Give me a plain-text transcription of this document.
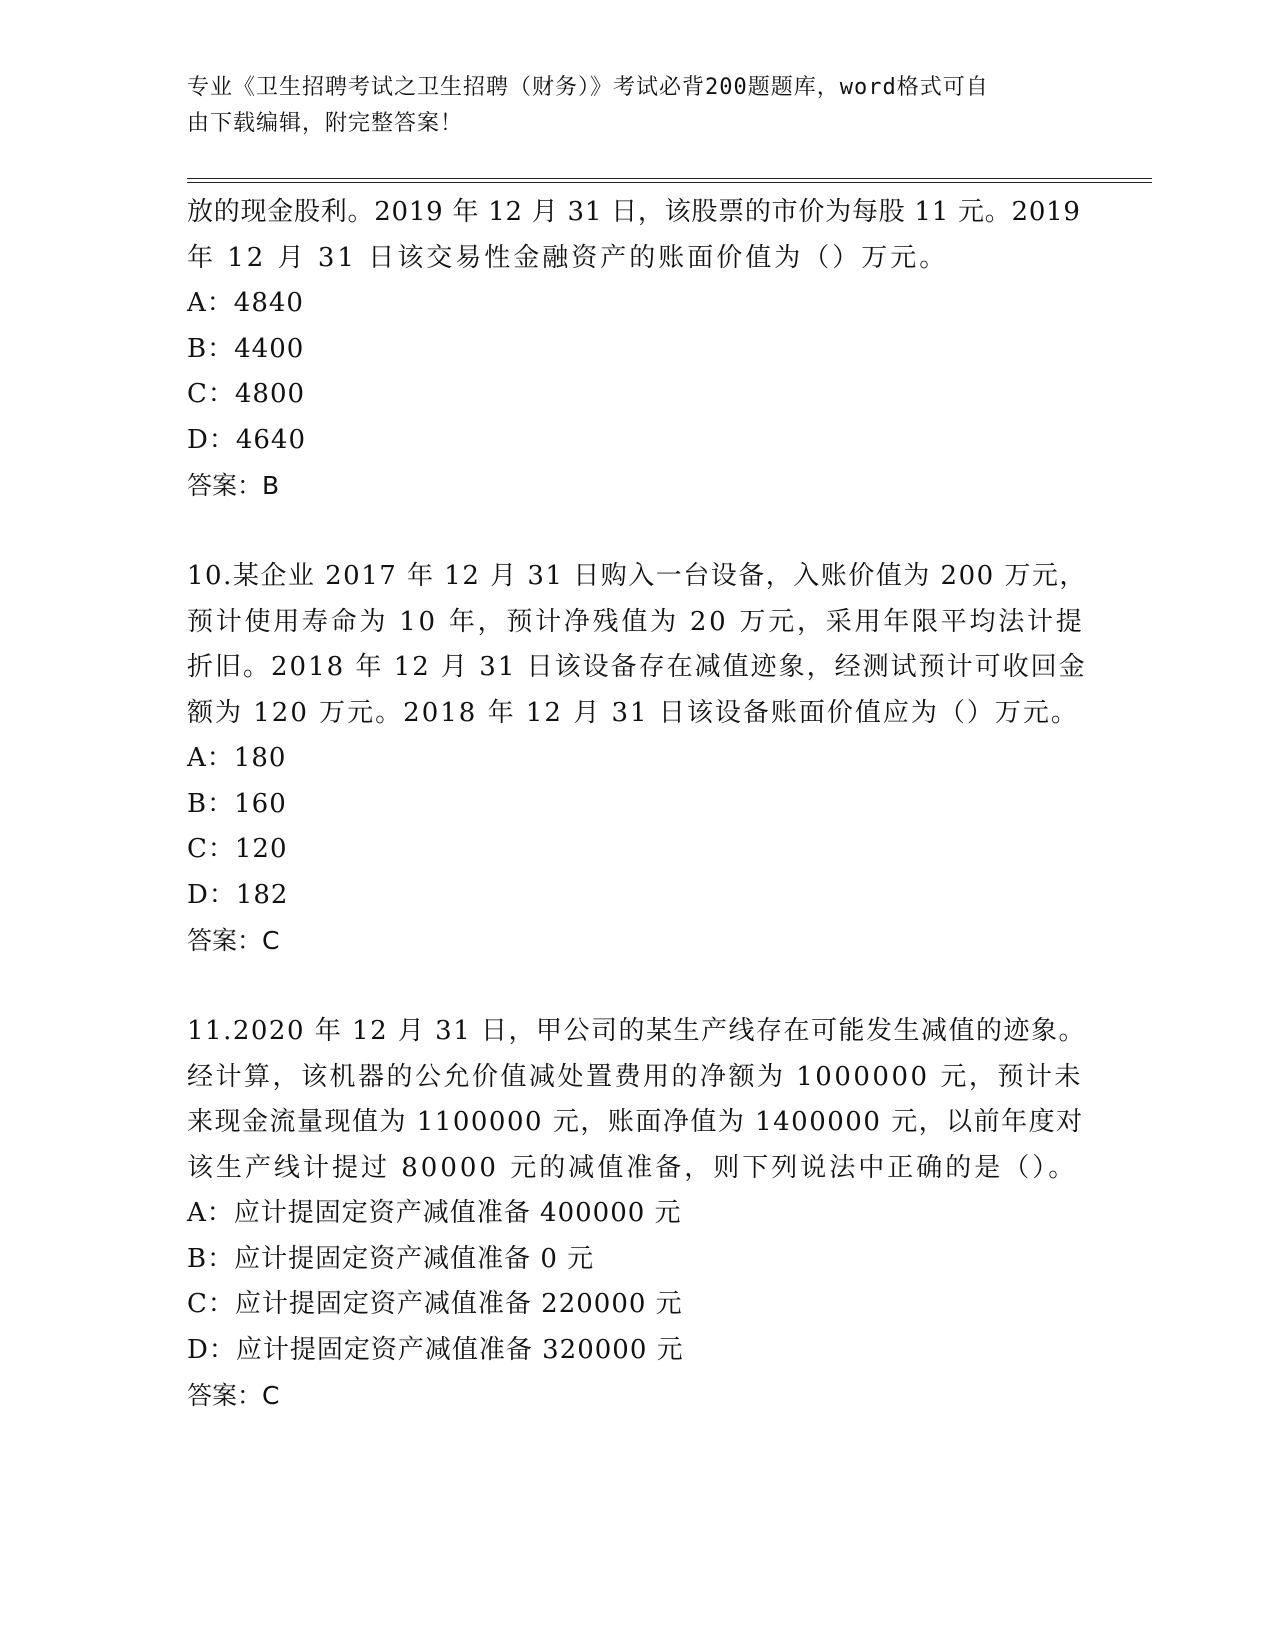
专业《卫生招聘考试之卫生招聘（财务）》考试必背200题题库，word格式可自
由下载编辑，附完整答案！
放的现金股利。2019 年 12 月 31 日，该股票的市价为每股 11 元。2019
年 12 月 31 日该交易性金融资产的账面价值为（）万元。
A：4840
B：4400
C：4800
D：4640
答案：B
10.某企业 2017 年 12 月 31 日购入一台设备，入账价值为 200 万元，
预计使用寿命为 10 年，预计净残值为 20 万元，采用年限平均法计提
折旧。2018 年 12 月 31 日该设备存在减值迹象，经测试预计可收回金
额为 120 万元。2018 年 12 月 31 日该设备账面价值应为（）万元。
A：180
B：160
C：120
D：182
答案：C
11.2020 年 12 月 31 日，甲公司的某生产线存在可能发生减值的迹象。
经计算，该机器的公允价值减处置费用的净额为 1000000 元，预计未
来现金流量现值为 1100000 元，账面净值为 1400000 元，以前年度对
该生产线计提过 80000 元的减值准备，则下列说法中正确的是（）。
A：应计提固定资产减值准备 400000 元
B：应计提固定资产减值准备 0 元
C：应计提固定资产减值准备 220000 元
D：应计提固定资产减值准备 320000 元
答案：C
